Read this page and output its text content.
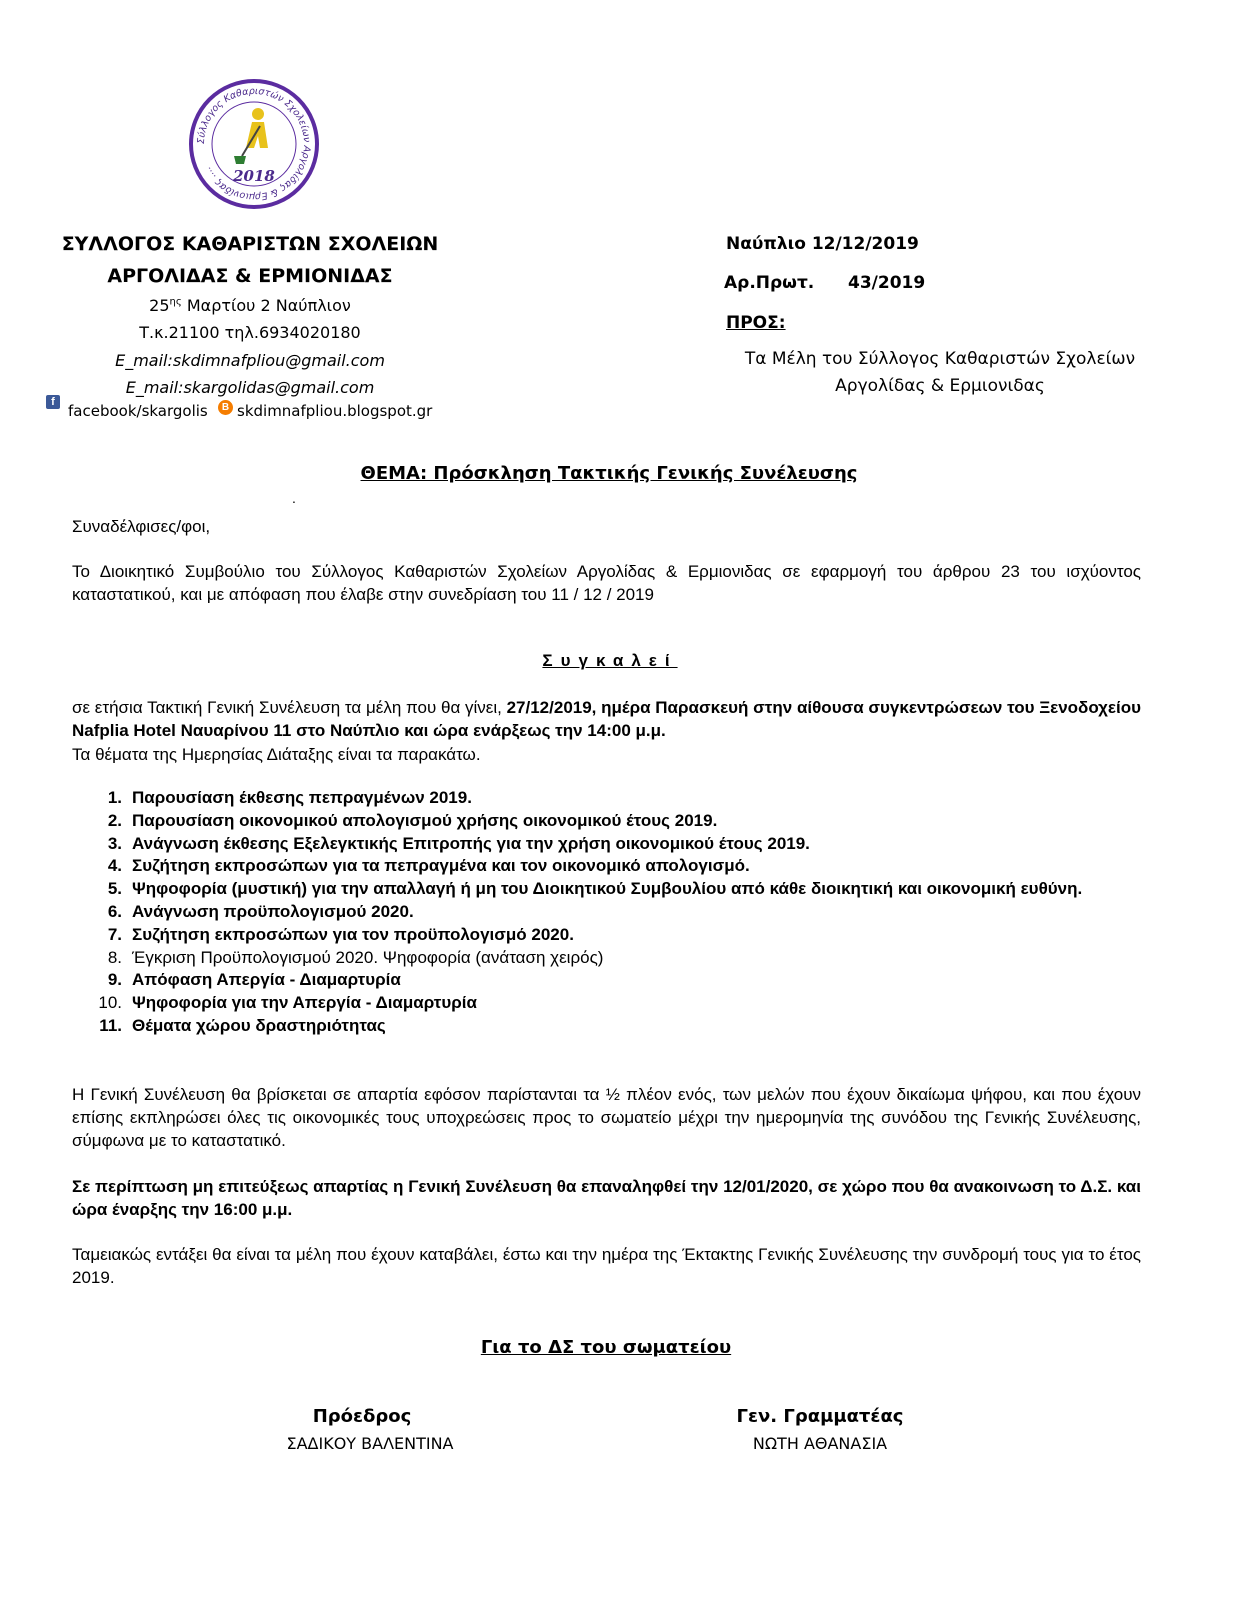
Σύλλογος Καθαριστών Σχολείων Αργολίδας & Ερμιονίδας ....	2018
ΣΥΛΛΟΓΟΣ ΚΑΘΑΡΙΣΤΩΝ ΣΧΟΛΕΙΩΝ
ΑΡΓΟΛΙΔΑΣ & ΕΡΜΙΟΝΙΔΑΣ
$25^{\eta\varsigma}$ Μαρτίου 2 Ναύπλιον
Τ.κ.21100 τηλ.6934020180
E_mail:skdimnafpliou@gmail.com
E_mail:skargolidas@gmail.com
f facebook/skargolis	B skdimnafpliou.blogspot.gr
Ναύπλιο 12/12/2019
Αρ.Πρωτ. 43/2019
ΠΡΟΣ:
Τα Μέλη του Σύλλογος Καθαριστών Σχολείων
Αργολίδας & Ερμιονιδας
ΘΕΜΑ: Πρόσκληση Τακτικής Γενικής Συνέλευσης
.
Συναδέλφισες/φοι,
Το Διοικητικό Συμβούλιο του Σύλλογος Καθαριστών Σχολείων Αργολίδας & Ερμιονιδας σε εφαρμογή του άρθρου 23 του ισχύοντος καταστατικού, και με απόφαση που έλαβε στην συνεδρίαση του 11 / 12 / 2019
Συγκαλεί
σε ετήσια Τακτική Γενική Συνέλευση τα μέλη που θα γίνει, 27/12/2019, ημέρα Παρασκευή στην αίθουσα συγκεντρώσεων του Ξενοδοχείου Nafplia Hotel Ναυαρίνου 11 στο Ναύπλιο και ώρα ενάρξεως την 14:00 μ.μ.
Τα θέματα της Ημερησίας Διάταξης είναι τα παρακάτω.
1. Παρουσίαση έκθεσης πεπραγμένων 2019.
2. Παρουσίαση οικονομικού απολογισμού χρήσης οικονομικού έτους 2019.
3. Ανάγνωση έκθεσης Εξελεγκτικής Επιτροπής για την χρήση οικονομικού έτους 2019.
4. Συζήτηση εκπροσώπων για τα πεπραγμένα και τον οικονομικό απολογισμό.
5. Ψηφοφορία (μυστική) για την απαλλαγή ή μη του Διοικητικού Συμβουλίου από κάθε διοικητική και οικονομική ευθύνη.
6. Ανάγνωση προϋπολογισμού 2020.
7. Συζήτηση εκπροσώπων για τον προϋπολογισμό 2020.
8. Έγκριση Προϋπολογισμού 2020. Ψηφοφορία (ανάταση χειρός)
9. Απόφαση Απεργία - Διαμαρτυρία
10. Ψηφοφορία για την Απεργία - Διαμαρτυρία
11. Θέματα χώρου δραστηριότητας
Η Γενική Συνέλευση θα βρίσκεται σε απαρτία εφόσον παρίστανται τα ½ πλέον ενός, των μελών που έχουν δικαίωμα ψήφου, και που έχουν επίσης εκπληρώσει όλες τις οικονομικές τους υποχρεώσεις προς το σωματείο μέχρι την ημερομηνία της συνόδου της Γενικής Συνέλευσης, σύμφωνα με το καταστατικό.
Σε περίπτωση μη επιτεύξεως απαρτίας η Γενική Συνέλευση θα επαναληφθεί την 12/01/2020, σε χώρο που θα ανακοινωση το Δ.Σ. και ώρα έναρξης την 16:00 μ.μ.
Ταμειακώς εντάξει θα είναι τα μέλη που έχουν καταβάλει, έστω και την ημέρα της Έκτακτης Γενικής Συνέλευσης την συνδρομή τους για το έτος 2019.
Για το ΔΣ του σωματείου
Πρόεδρος
ΣΑΔΙΚΟΥ ΒΑΛΕΝΤΙΝΑ
Γεν. Γραμματέας
ΝΩΤΗ ΑΘΑΝΑΣΙΑ
